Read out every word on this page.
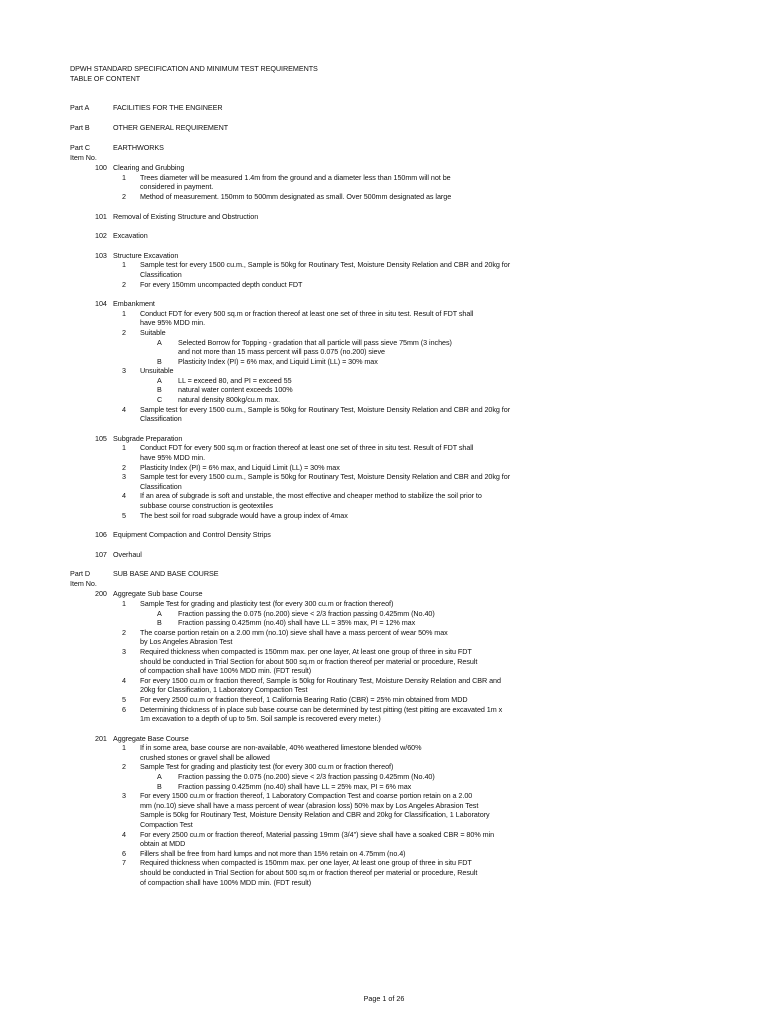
DPWH STANDARD SPECIFICATION AND MINIMUM TEST REQUIREMENTS
TABLE OF CONTENT
Part A	FACILITIES FOR THE ENGINEER
Part B	OTHER GENERAL REQUIREMENT
Part C	EARTHWORKS
Item No.
100 Clearing and Grubbing
1 Trees diameter will be measured 1.4m from the ground and a diameter less than 150mm will not be
considered in payment.
2 Method of measurement. 150mm to 500mm designated as small. Over 500mm designated as large
101 Removal of Existing Structure and Obstruction
102 Excavation
103 Structure Excavation
1 Sample test for every 1500 cu.m., Sample is 50kg for Routinary Test, Moisture Density Relation and CBR and 20kg for
Classification
2 For every 150mm uncompacted depth conduct FDT
104 Embankment
1 Conduct FDT for every 500 sq.m or fraction thereof at least one set of three in situ test. Result of FDT shall
have 95% MDD min.
2 Suitable
A Selected Borrow for Topping - gradation that all particle will pass sieve 75mm (3 inches)
and not more than 15 mass percent will pass 0.075 (no.200) sieve
B Plasticity Index (PI) = 6% max, and Liquid Limit (LL) = 30% max
3 Unsuitable
A LL = exceed 80, and PI = exceed 55
B natural water content exceeds 100%
C natural density 800kg/cu.m max.
4 Sample test for every 1500 cu.m., Sample is 50kg for Routinary Test, Moisture Density Relation and CBR and 20kg for
Classification
105 Subgrade Preparation
1 Conduct FDT for every 500 sq.m or fraction thereof at least one set of three in situ test. Result of FDT shall
have 95% MDD min.
2 Plasticity Index (PI) = 6% max, and Liquid Limit (LL) = 30% max
3 Sample test for every 1500 cu.m., Sample is 50kg for Routinary Test, Moisture Density Relation and CBR and 20kg for
Classification
4 If an area of subgrade is soft and unstable, the most effective and cheaper method to stabilize the soil prior to
subbase course construction is geotextiles
5 The best soil for road subgrade would have a group index of 4max
106 Equipment Compaction and Control Density Strips
107 Overhaul
Part D	SUB BASE AND BASE COURSE
Item No.
200 Aggregate Sub base Course
1 Sample Test for grading and plasticity test (for every 300 cu.m or fraction thereof)
A Fraction passing the 0.075 (no.200) sieve < 2/3 fraction passing 0.425mm (No.40)
B Fraction passing 0.425mm (no.40) shall have LL = 35% max, PI = 12% max
2 The coarse portion retain on a 2.00 mm (no.10) sieve shall have a mass percent of wear 50% max
by Los Angeles Abrasion Test
3 Required thickness when compacted is 150mm max. per one layer, At least one group of three in situ FDT
should be conducted in Trial Section for about 500 sq.m or fraction thereof per material or procedure, Result
of compaction shall have 100% MDD min. (FDT result)
4 For every 1500 cu.m or fraction thereof, Sample is 50kg for Routinary Test, Moisture Density Relation and CBR and
20kg for Classification, 1 Laboratory Compaction Test
5 For every 2500 cu.m or fraction thereof, 1 California Bearing Ratio (CBR) = 25% min obtained from MDD
6 Determining thickness of in place sub base course can be determined by test pitting (test pitting are excavated 1m x
1m excavation to a depth of up to 5m. Soil sample is recovered every meter.)
201 Aggregate Base Course
1 If in some area, base course are non-available, 40% weathered limestone blended w/60%
crushed stones or gravel shall be allowed
2 Sample Test for grading and plasticity test (for every 300 cu.m or fraction thereof)
A Fraction passing the 0.075 (no.200) sieve < 2/3 fraction passing 0.425mm (No.40)
B Fraction passing 0.425mm (no.40) shall have LL = 25% max, PI = 6% max
3 For every 1500 cu.m or fraction thereof, 1 Laboratory Compaction Test and coarse portion retain on a 2.00
mm (no.10) sieve shall have a mass percent of wear (abrasion loss) 50% max by Los Angeles Abrasion Test
Sample is 50kg for Routinary Test, Moisture Density Relation and CBR and 20kg for Classification, 1 Laboratory
Compaction Test
4 For every 2500 cu.m or fraction thereof, Material passing 19mm (3/4") sieve shall have a soaked CBR = 80% min
obtain at MDD
6 Fillers shall be free from hard lumps and not more than 15% retain on 4.75mm (no.4)
7 Required thickness when compacted is 150mm max. per one layer, At least one group of three in situ FDT
should be conducted in Trial Section for about 500 sq.m or fraction thereof per material or procedure, Result
of compaction shall have 100% MDD min. (FDT result)
Page 1 of 26
